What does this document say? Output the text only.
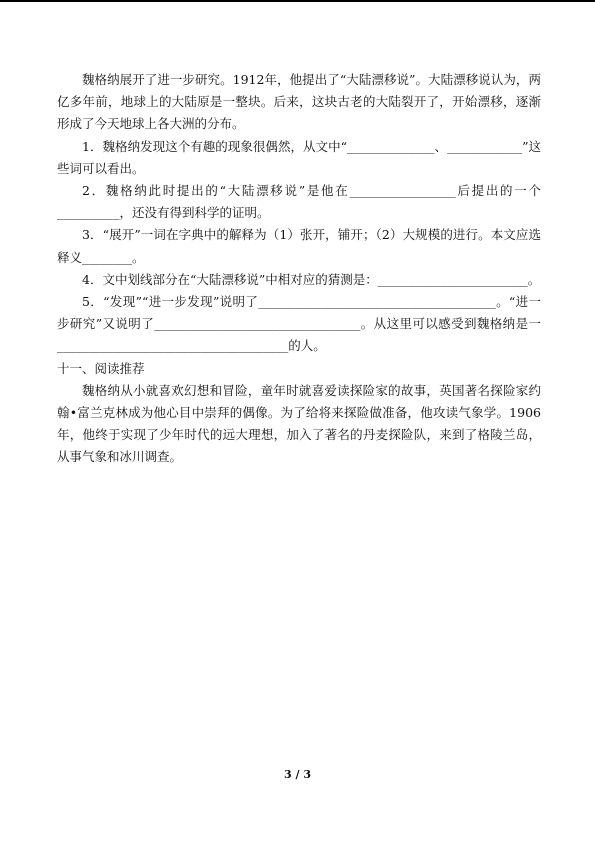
魏格纳展开了进一步研究。1912年，他提出了“大陆漂移说”。大陆漂移说认为，两亿多年前，地球上的大陆原是一整块。后来，这块古老的大陆裂开了，开始漂移，逐渐形成了今天地球上各大洲的分布。

1．魏格纳发现这个有趣的现象很偶然，从文中“______________、____________”这些词可以看出。

2．魏格纳此时提出的“大陆漂移说”是他在_________________后提出的一个__________，还没有得到科学的证明。

3．“展开”一词在字典中的解释为（1）张开，铺开；（2）大规模的进行。本文应选释义________。

4．文中划线部分在“大陆漂移说”中相对应的猜测是：________________________。

5．“发现”“进一步发现”说明了______________________________________。“进一步研究”又说明了_________________________________。从这里可以感受到魏格纳是一_____________________________________的人。

十一、阅读推荐

魏格纳从小就喜欢幻想和冒险，童年时就喜爱读探险家的故事，英国著名探险家约翰•富兰克林成为他心目中崇拜的偶像。为了给将来探险做准备，他攻读气象学。1906年，他终于实现了少年时代的远大理想，加入了著名的丹麦探险队，来到了格陵兰岛，从事气象和冰川调查。

3 / 3
